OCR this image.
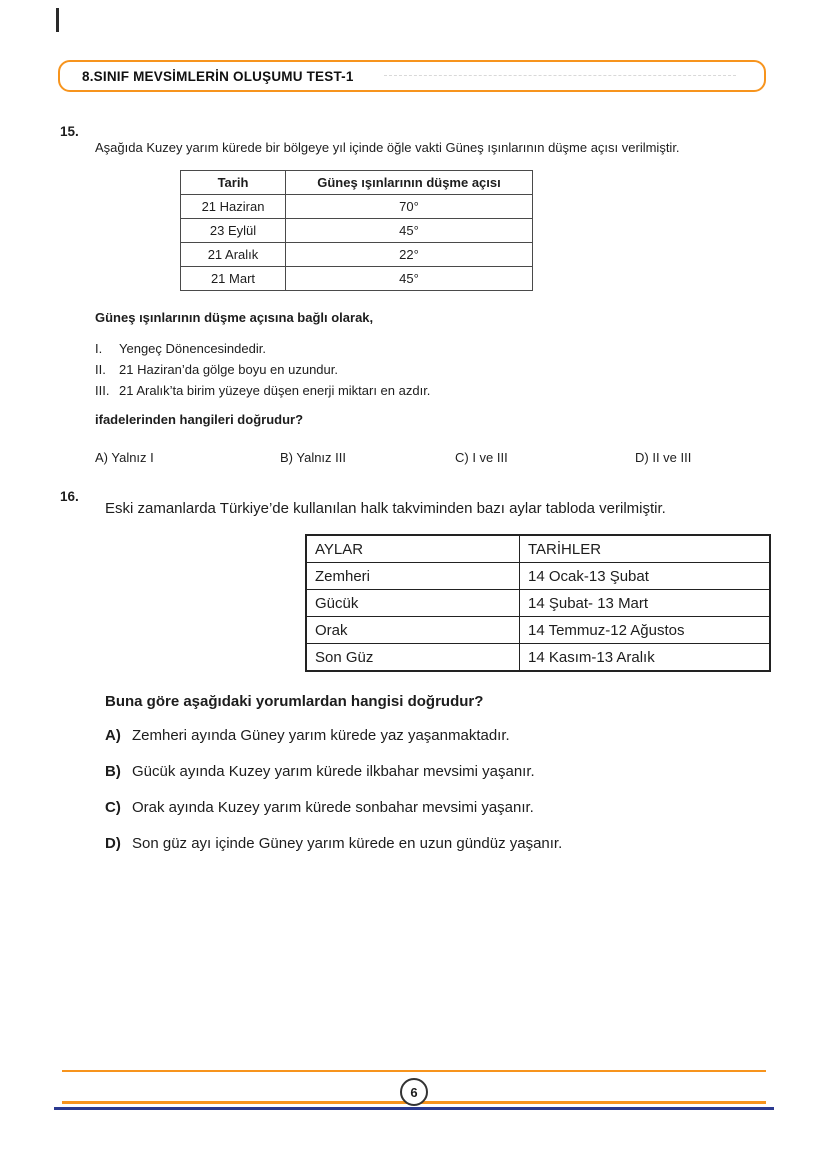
8.SINIF MEVSİMLERİN OLUŞUMU TEST-1
15.
Aşağıda Kuzey yarım kürede bir bölgeye yıl içinde öğle vakti Güneş ışınlarının düşme açısı verilmiştir.
Tarih	Güneş ışınlarının düşme açısı
21 Haziran	70°
23 Eylül	45°
21 Aralık	22°
21 Mart	45°
Güneş ışınlarının düşme açısına bağlı olarak,
I.	Yengeç Dönencesindedir.
II.	21 Haziran’da gölge boyu en uzundur.
III. 21 Aralık’ta birim yüzeye düşen enerji miktarı en azdır.
ifadelerinden hangileri doğrudur?
A) Yalnız I	B) Yalnız III	C) I ve III	D) II ve III
16.
Eski zamanlarda Türkiye’de kullanılan halk takviminden bazı aylar tabloda verilmiştir.
AYLAR	TARİHLER
Zemheri	14 Ocak-13 Şubat
Gücük	14 Şubat- 13 Mart
Orak	14 Temmuz-12 Ağustos
Son Güz	14 Kasım-13 Aralık
Buna göre aşağıdaki yorumlardan hangisi doğrudur?
A) Zemheri ayında Güney yarım kürede yaz yaşanmaktadır.
B) Gücük ayında Kuzey yarım kürede ilkbahar mevsimi yaşanır.
C) Orak ayında Kuzey yarım kürede sonbahar mevsimi yaşanır.
D) Son güz ayı içinde Güney yarım kürede en uzun gündüz yaşanır.
6
